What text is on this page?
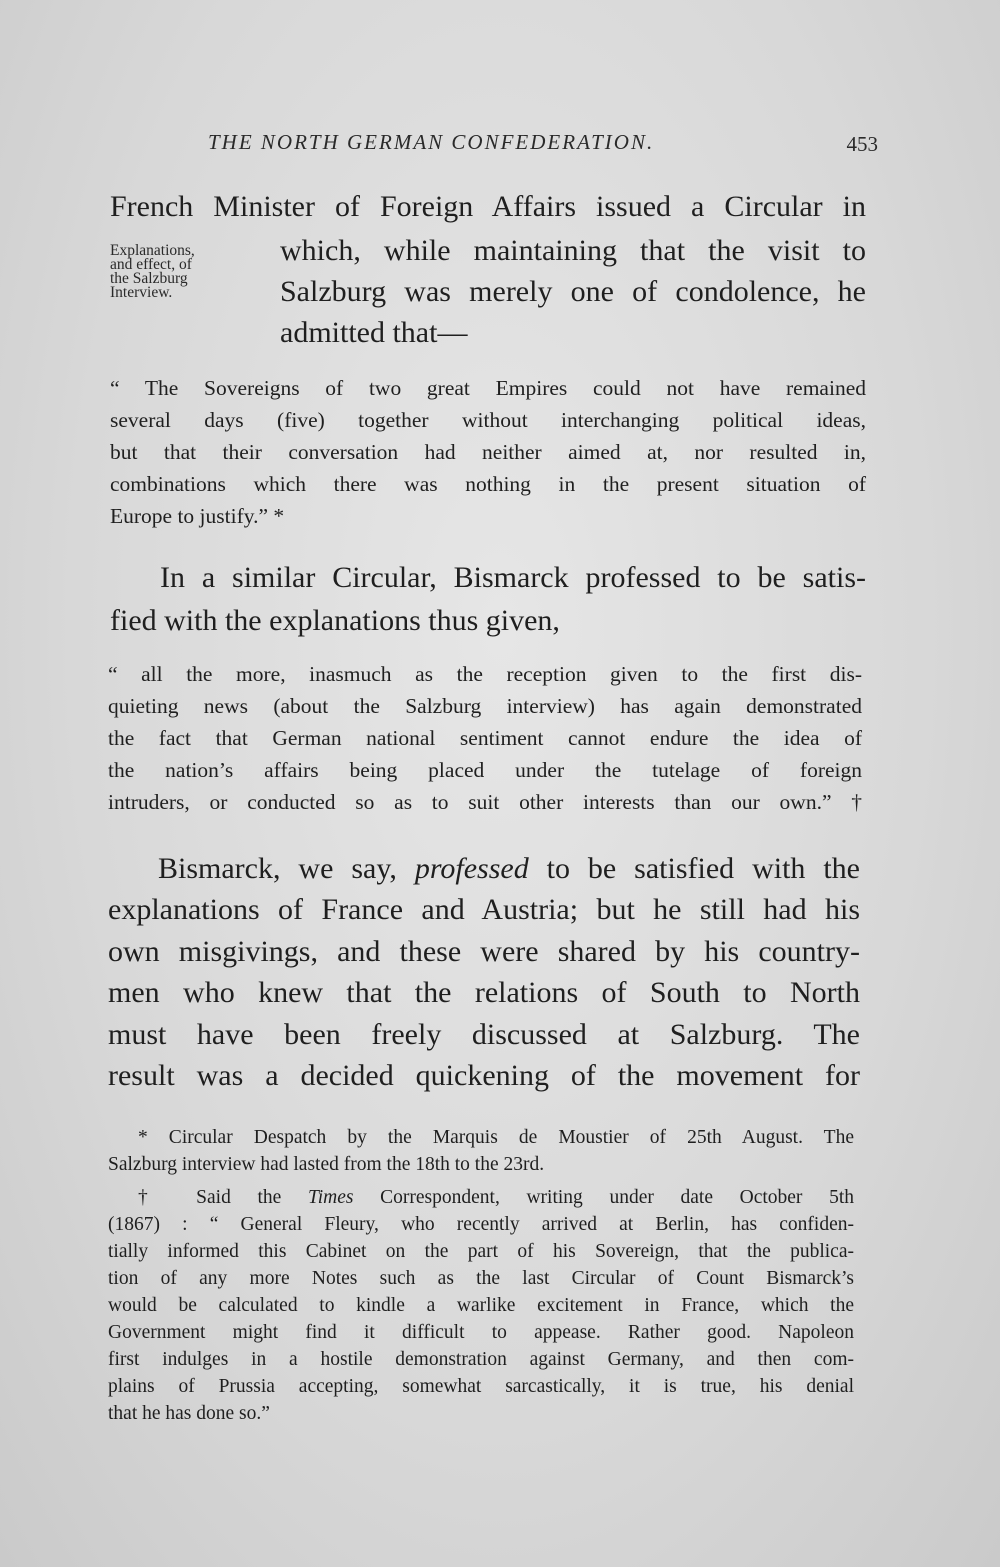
THE NORTH GERMAN CONFEDERATION.	453
French Minister of Foreign Affairs issued a Circular in
Explanations,
and effect, of
the Salzburg
Interview.
which, while maintaining that the visit to
Salzburg was merely one of condolence, he
admitted that—
“ The Sovereigns of two great Empires could not have remained
several days (five) together without interchanging political ideas,
but that their conversation had neither aimed at, nor resulted in,
combinations which there was nothing in the present situation of
Europe to justify.” *
In a similar Circular, Bismarck professed to be satis-
fied with the explanations thus given,
“ all the more, inasmuch as the reception given to the first dis-
quieting news (about the Salzburg interview) has again demonstrated
the fact that German national sentiment cannot endure the idea of
the nation’s affairs being placed under the tutelage of foreign
intruders, or conducted so as to suit other interests than our own.” †
Bismarck, we say, professed to be satisfied with the
explanations of France and Austria; but he still had his
own misgivings, and these were shared by his country-
men who knew that the relations of South to North
must have been freely discussed at Salzburg. The
result was a decided quickening of the movement for
* Circular Despatch by the Marquis de Moustier of 25th August. The
Salzburg interview had lasted from the 18th to the 23rd.
† Said the Times Correspondent, writing under date October 5th
(1867) : “ General Fleury, who recently arrived at Berlin, has confiden-
tially informed this Cabinet on the part of his Sovereign, that the publica-
tion of any more Notes such as the last Circular of Count Bismarck’s
would be calculated to kindle a warlike excitement in France, which the
Government might find it difficult to appease. Rather good. Napoleon
first indulges in a hostile demonstration against Germany, and then com-
plains of Prussia accepting, somewhat sarcastically, it is true, his denial
that he has done so.”
